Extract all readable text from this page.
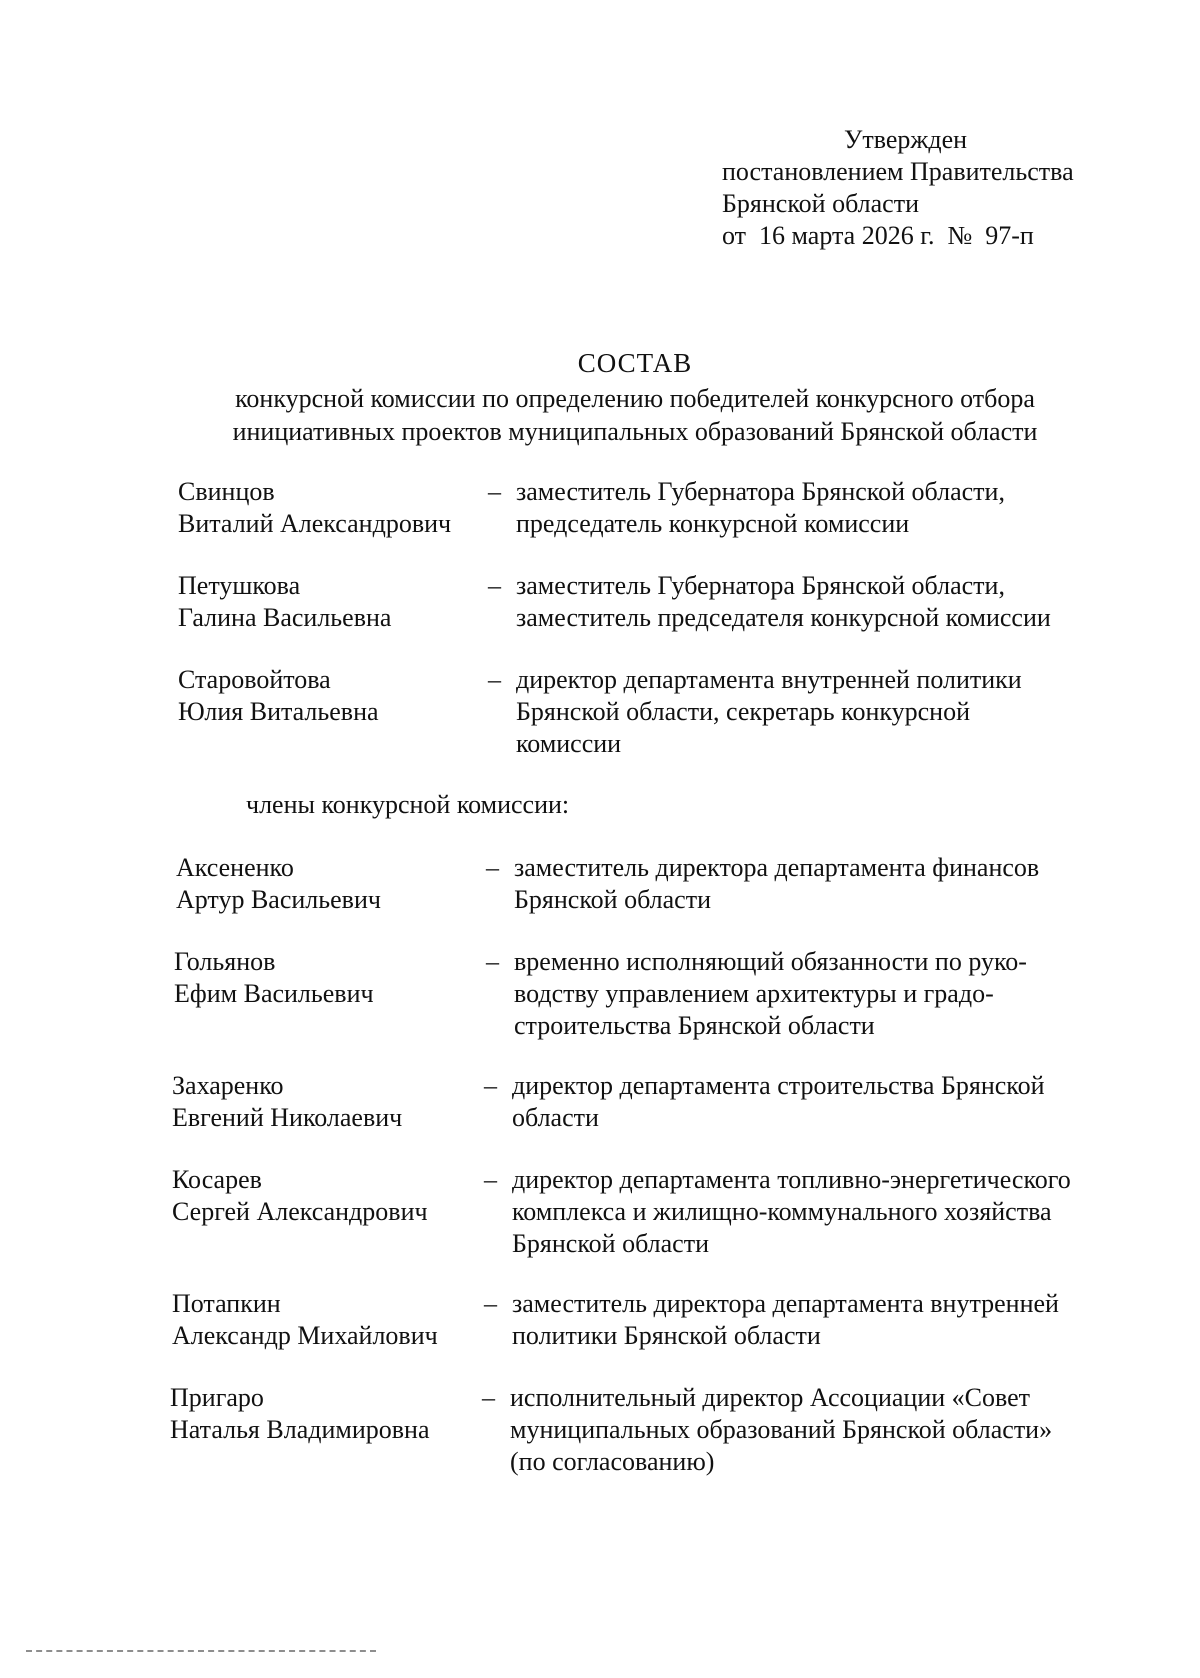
Утвержден
постановлением Правительства
Брянской области
от  16 марта 2026 г.  №  97-п
СОСТАВ
конкурсной комиссии по определению победителей конкурсного отбора
инициативных проектов муниципальных образований Брянской области
Свинцов
Виталий Александрович
– заместитель Губернатора Брянской области,
председатель конкурсной комиссии
Петушкова
Галина Васильевна
– заместитель Губернатора Брянской области,
заместитель председателя конкурсной комиссии
Старовойтова
Юлия Витальевна
– директор департамента внутренней политики
Брянской области, секретарь конкурсной
комиссии
члены конкурсной комиссии:
Аксененко
Артур Васильевич
– заместитель директора департамента финансов
Брянской области
Гольянов
Ефим Васильевич
– временно исполняющий обязанности по руко-
водству управлением архитектуры и градо-
строительства Брянской области
Захаренко
Евгений Николаевич
– директор департамента строительства Брянской
области
Косарев
Сергей Александрович
– директор департамента топливно-энергетического
комплекса и жилищно-коммунального хозяйства
Брянской области
Потапкин
Александр Михайлович
– заместитель директора департамента внутренней
политики Брянской области
Пригаро
Наталья Владимировна
– исполнительный директор Ассоциации «Совет
муниципальных образований Брянской области»
(по согласованию)
